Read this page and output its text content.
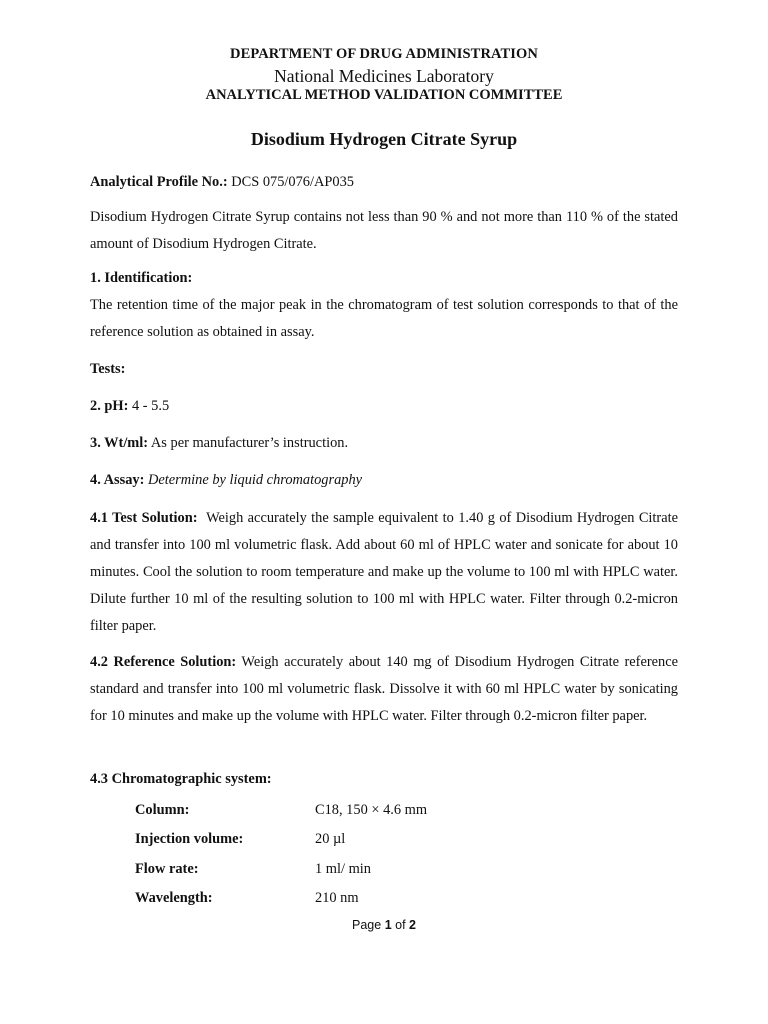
DEPARTMENT OF DRUG ADMINISTRATION
National Medicines Laboratory
ANALYTICAL METHOD VALIDATION COMMITTEE
Disodium Hydrogen Citrate Syrup
Analytical Profile No.: DCS 075/076/AP035
Disodium Hydrogen Citrate Syrup contains not less than 90 % and not more than 110 % of the stated amount of Disodium Hydrogen Citrate.
1. Identification:
The retention time of the major peak in the chromatogram of test solution corresponds to that of the reference solution as obtained in assay.
Tests:
2. pH: 4 - 5.5
3. Wt/ml: As per manufacturer’s instruction.
4. Assay: Determine by liquid chromatography
4.1 Test Solution: Weigh accurately the sample equivalent to 1.40 g of Disodium Hydrogen Citrate and transfer into 100 ml volumetric flask. Add about 60 ml of HPLC water and sonicate for about 10 minutes. Cool the solution to room temperature and make up the volume to 100 ml with HPLC water. Dilute further 10 ml of the resulting solution to 100 ml with HPLC water. Filter through 0.2-micron filter paper.
4.2 Reference Solution: Weigh accurately about 140 mg of Disodium Hydrogen Citrate reference standard and transfer into 100 ml volumetric flask. Dissolve it with 60 ml HPLC water by sonicating for 10 minutes and make up the volume with HPLC water. Filter through 0.2-micron filter paper.
4.3 Chromatographic system:
Column:	C18, 150 × 4.6 mm
Injection volume:	20 µl
Flow rate:	1 ml/ min
Wavelength:	210 nm
Page 1 of 2
